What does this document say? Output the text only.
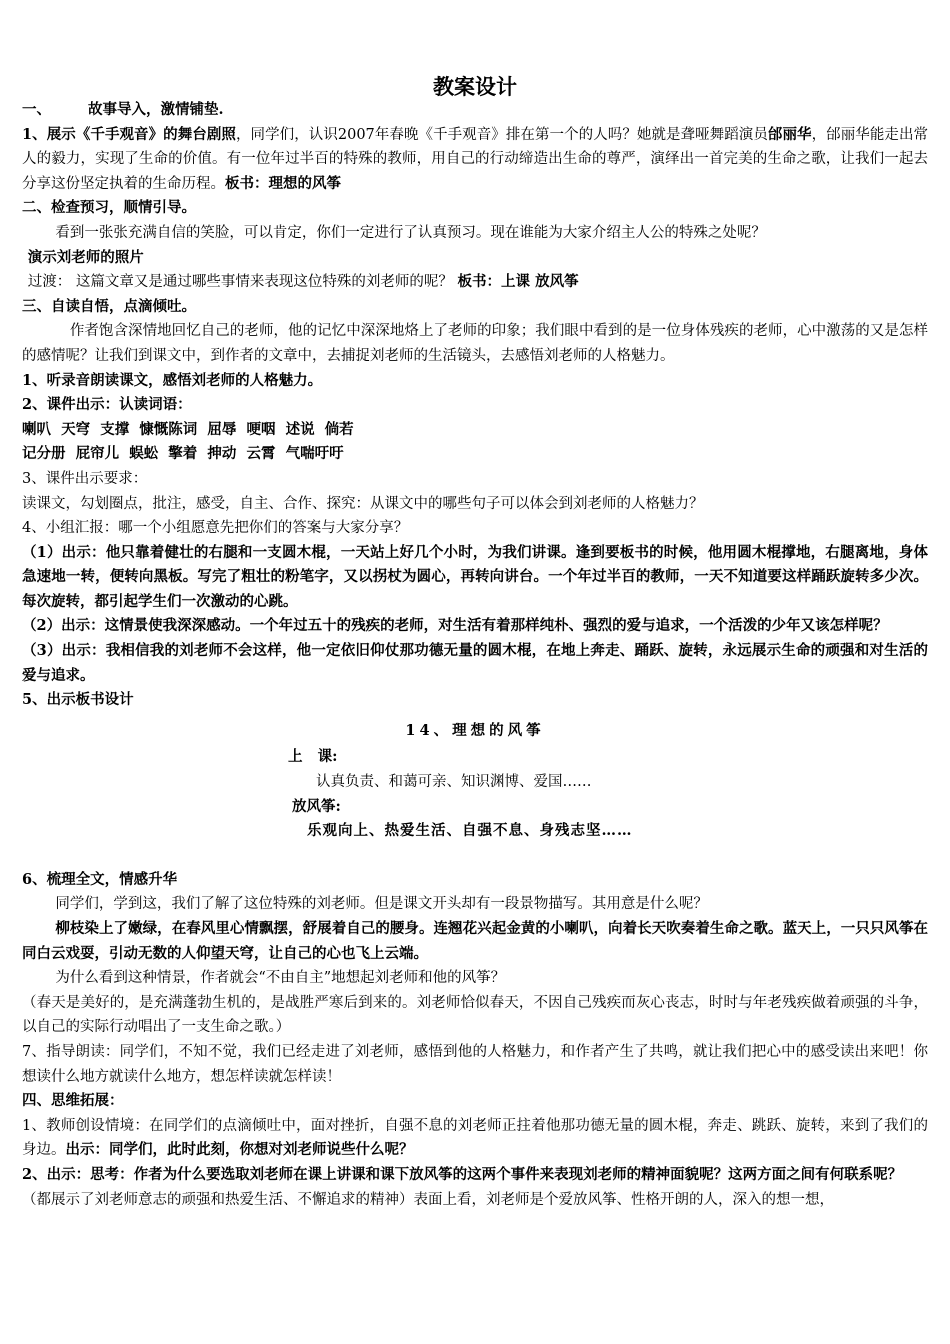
教案设计

一、	故事导入，激情铺垫.

1、展示《千手观音》的舞台剧照，同学们，认识2007年春晚《千手观音》排在第一个的人吗？她就是聋哑舞蹈演员邰丽华，邰丽华能走出常人的毅力，实现了生命的价值。有一位年过半百的特殊的教师，用自己的行动缔造出生命的尊严，演绎出一首完美的生命之歌，让我们一起去分享这份坚定执着的生命历程。板书：理想的风筝

二、检查预习，顺情引导。

看到一张张充满自信的笑脸，可以肯定，你们一定进行了认真预习。现在谁能为大家介绍主人公的特殊之处呢？

演示刘老师的照片

过渡： 这篇文章又是通过哪些事情来表现这位特殊的刘老师的呢？ 板书：上课 放风筝

三、自读自悟，点滴倾吐。

作者饱含深情地回忆自己的老师，他的记忆中深深地烙上了老师的印象；我们眼中看到的是一位身体残疾的老师，心中激荡的又是怎样的感情呢？让我们到课文中，到作者的文章中，去捕捉刘老师的生活镜头，去感悟刘老师的人格魅力。

1、听录音朗读课文，感悟刘老师的人格魅力。

2、课件出示：认读词语：

喇叭  天穹  支撑  慷慨陈词  屈辱  哽咽  述说  倘若

记分册  屁帘儿  蜈蚣  擎着  抻动  云霄  气喘吁吁

3、课件出示要求：

读课文，勾划圈点，批注，感受，自主、合作、探究：从课文中的哪些句子可以体会到刘老师的人格魅力？

4、小组汇报：哪一个小组愿意先把你们的答案与大家分享？

（1）出示：他只靠着健壮的右腿和一支圆木棍，一天站上好几个小时，为我们讲课。逢到要板书的时候，他用圆木棍撑地，右腿离地，身体急速地一转，便转向黑板。写完了粗壮的粉笔字，又以拐杖为圆心，再转向讲台。一个年过半百的教师，一天不知道要这样踊跃旋转多少次。每次旋转，都引起学生们一次激动的心跳。

（2）出示：这情景使我深深感动。一个年过五十的残疾的老师，对生活有着那样纯朴、强烈的爱与追求，一个活泼的少年又该怎样呢？

（3）出示：我相信我的刘老师不会这样，他一定依旧仰仗那功德无量的圆木棍，在地上奔走、踊跃、旋转，永远展示生命的顽强和对生活的爱与追求。

5、出示板书设计

14、理想的风筝

上   课:

认真负责、和蔼可亲、知识渊博、爱国……

放风筝:

乐观向上、热爱生活、自强不息、身残志坚……

6、梳理全文，情感升华

同学们，学到这，我们了解了这位特殊的刘老师。但是课文开头却有一段景物描写。其用意是什么呢？

柳枝染上了嫩绿，在春风里心情飘摆，舒展着自己的腰身。连翘花兴起金黄的小喇叭，向着长天吹奏着生命之歌。蓝天上，一只只风筝在同白云戏耍，引动无数的人仰望天穹，让自己的心也飞上云端。

为什么看到这种情景，作者就会“不由自主”地想起刘老师和他的风筝？

（春天是美好的，是充满蓬勃生机的，是战胜严寒后到来的。刘老师恰似春天，不因自己残疾而灰心丧志，时时与年老残疾做着顽强的斗争，以自己的实际行动唱出了一支生命之歌。）

7、指导朗读：同学们，不知不觉，我们已经走进了刘老师，感悟到他的人格魅力，和作者产生了共鸣，就让我们把心中的感受读出来吧！你想读什么地方就读什么地方，想怎样读就怎样读！

四、思维拓展：

1、教师创设情境：在同学们的点滴倾吐中，面对挫折，自强不息的刘老师正拄着他那功德无量的圆木棍，奔走、跳跃、旋转，来到了我们的身边。出示：同学们，此时此刻，你想对刘老师说些什么呢？

2、出示：思考：作者为什么要选取刘老师在课上讲课和课下放风筝的这两个事件来表现刘老师的精神面貌呢？这两方面之间有何联系呢？

（都展示了刘老师意志的顽强和热爱生活、不懈追求的精神）表面上看，刘老师是个爱放风筝、性格开朗的人，深入的想一想，
